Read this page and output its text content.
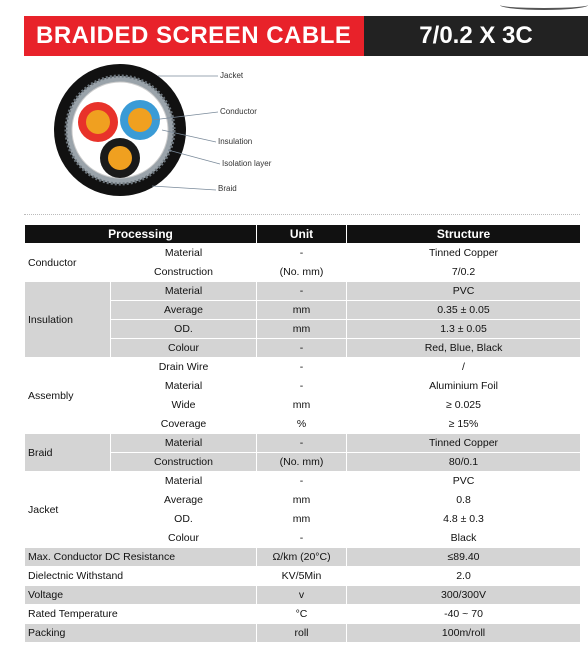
BRAIDED SCREEN CABLE	7/0.2 X 3C
Jacket
Conductor
Insulation
Isolation layer
Braid
Processing		Unit	Structure
Conductor	Material	-	Tinned Copper
	Construction	(No. mm)	7/0.2
Insulation	Material	-	PVC
	Average	mm	0.35 ± 0.05
	OD.	mm	1.3 ± 0.05
	Colour	-	Red, Blue, Black
Assembly	Drain Wire	-	/
	Material	-	Aluminium Foil
	Wide	mm	≥ 0.025
	Coverage	%	≥ 15%
Braid	Material	-	Tinned Copper
	Construction	(No. mm)	80/0.1
Jacket	Material	-	PVC
	Average	mm	0.8
	OD.	mm	4.8 ± 0.3
	Colour	-	Black
Max. Conductor DC Resistance		Ω/km (20°C)	≤89.40
Dielectnic Withstand		KV/5Min	2.0
Voltage		v	300/300V
Rated Temperature		°C	-40 ~ 70
Packing		roll	100m/roll
